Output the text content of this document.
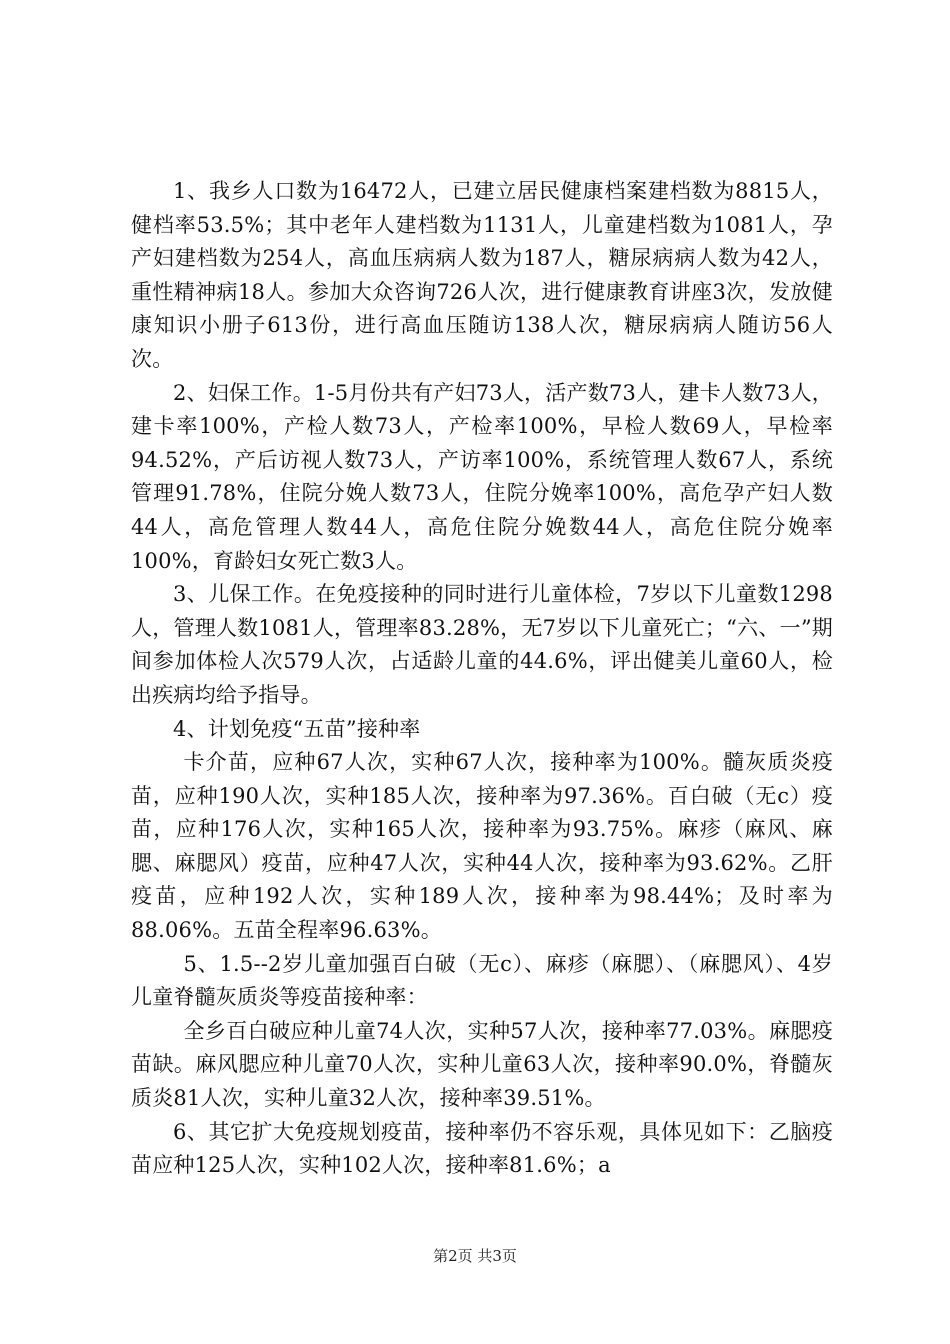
1、我乡人口数为16472人，已建立居民健康档案建档数为8815人，健档率53.5%；其中老年人建档数为1131人，儿童建档数为1081人，孕产妇建档数为254人，高血压病病人数为187人，糖尿病病人数为42人，重性精神病18人。参加大众咨询726人次，进行健康教育讲座3次，发放健康知识小册子613份，进行高血压随访138人次，糖尿病病人随访56人次。

2、妇保工作。1-5月份共有产妇73人，活产数73人，建卡人数73人，建卡率100%，产检人数73人，产检率100%，早检人数69人，早检率94.52%，产后访视人数73人，产访率100%，系统管理人数67人，系统管理91.78%，住院分娩人数73人，住院分娩率100%，高危孕产妇人数44人，高危管理人数44人，高危住院分娩数44人，高危住院分娩率100%，育龄妇女死亡数3人。

3、儿保工作。在免疫接种的同时进行儿童体检，7岁以下儿童数1298人，管理人数1081人，管理率83.28%，无7岁以下儿童死亡；“六、一”期间参加体检人次579人次，占适龄儿童的44.6%，评出健美儿童60人，检出疾病均给予指导。

4、计划免疫“五苗”接种率

卡介苗，应种67人次，实种67人次，接种率为100%。髓灰质炎疫苗，应种190人次，实种185人次，接种率为97.36%。百白破（无c）疫苗，应种176人次，实种165人次，接种率为93.75%。麻疹（麻风、麻腮、麻腮风）疫苗，应种47人次，实种44人次，接种率为93.62%。乙肝疫苗，应种192人次，实种189人次，接种率为98.44%；及时率为88.06%。五苗全程率96.63%。

5、1.5--2岁儿童加强百白破（无c）、麻疹（麻腮）、（麻腮风）、4岁儿童脊髓灰质炎等疫苗接种率：

全乡百白破应种儿童74人次，实种57人次，接种率77.03%。麻腮疫苗缺。麻风腮应种儿童70人次，实种儿童63人次，接种率90.0%，脊髓灰质炎81人次，实种儿童32人次，接种率39.51%。

6、其它扩大免疫规划疫苗，接种率仍不容乐观，具体见如下：乙脑疫苗应种125人次，实种102人次，接种率81.6%；a

第2页 共3页
